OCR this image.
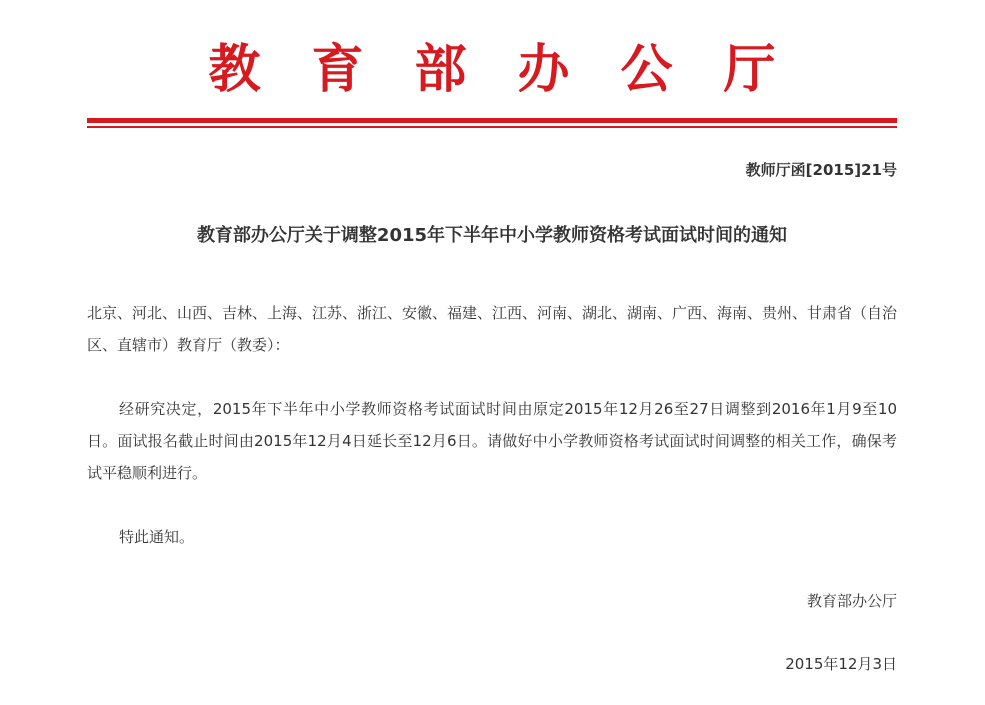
教育部办公厅
教师厅函[2015]21号
教育部办公厅关于调整2015年下半年中小学教师资格考试面试时间的通知

北京、河北、山西、吉林、上海、江苏、浙江、安徽、福建、江西、河南、湖北、湖南、广西、海南、贵州、甘肃省（自治区、直辖市）教育厅（教委）：

经研究决定，2015年下半年中小学教师资格考试面试时间由原定2015年12月26至27日调整到2016年1月9至10日。面试报名截止时间由2015年12月4日延长至12月6日。请做好中小学教师资格考试面试时间调整的相关工作，确保考试平稳顺利进行。

特此通知。

教育部办公厅
2015年12月3日
